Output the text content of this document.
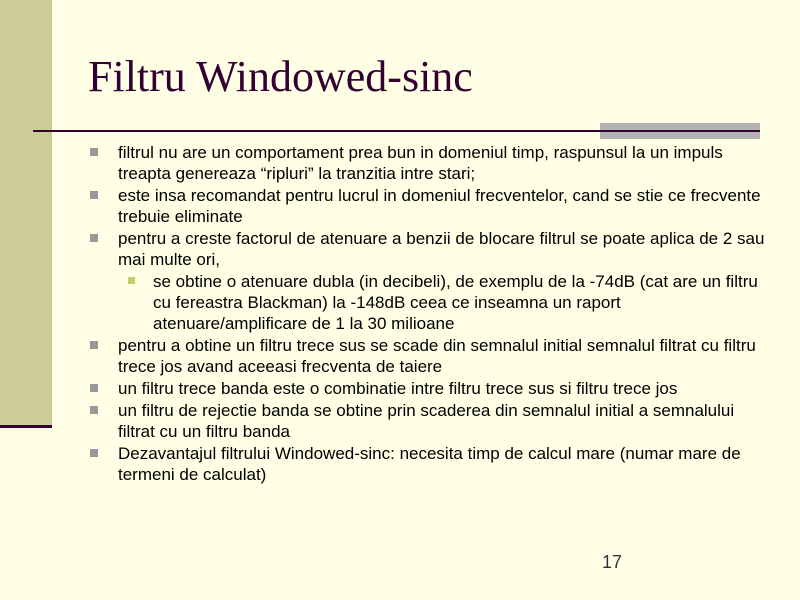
Filtru Windowed-sinc
filtrul nu are un comportament prea bun in domeniul timp, raspunsul la un impuls treapta genereaza “ripluri” la tranzitia intre stari;
este insa recomandat pentru lucrul in domeniul frecventelor, cand se stie ce frecvente trebuie eliminate
pentru a creste factorul de atenuare a benzii de blocare filtrul se poate aplica de 2 sau mai multe ori,
se obtine o atenuare dubla (in decibeli), de exemplu de la -74dB (cat are un filtru cu fereastra Blackman) la -148dB ceea ce inseamna un raport atenuare/amplificare de 1 la 30 milioane
pentru a obtine un filtru trece sus se scade din semnalul initial semnalul filtrat cu filtru trece jos avand aceeasi frecventa de taiere
un filtru trece banda este o combinatie intre filtru trece sus si filtru trece jos
un filtru de rejectie banda se obtine prin scaderea din semnalul initial a semnalului filtrat cu un filtru banda
Dezavantajul filtrului Windowed-sinc: necesita timp de calcul mare (numar mare de termeni de calculat)
17
